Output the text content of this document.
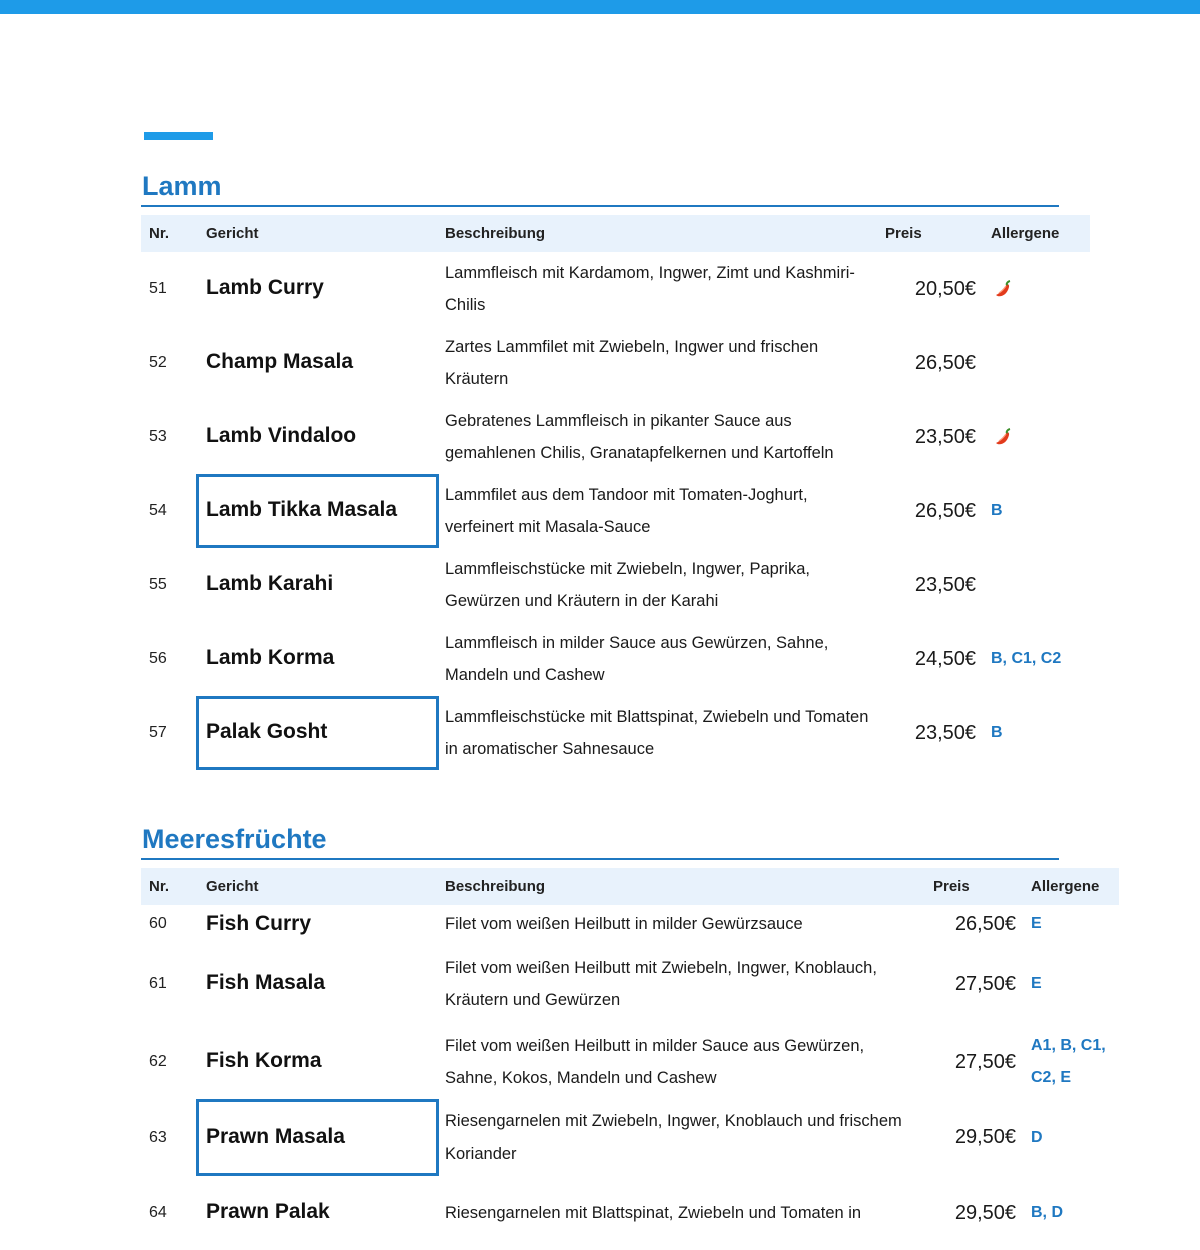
Lamm
Nr.	Gericht	Beschreibung	Preis	Allergene
51	Lamb Curry	Lammfleisch mit Kardamom, Ingwer, Zimt und Kashmiri-Chilis	20,50€	
52	Champ Masala	Zartes Lammfilet mit Zwiebeln, Ingwer und frischen Kräutern	26,50€	
53	Lamb Vindaloo	Gebratenes Lammfleisch in pikanter Sauce aus gemahlenen Chilis, Granatapfelkernen und Kartoffeln	23,50€	
54	Lamb Tikka Masala	Lammfilet aus dem Tandoor mit Tomaten-Joghurt, verfeinert mit Masala-Sauce	26,50€	B
55	Lamb Karahi	Lammfleischstücke mit Zwiebeln, Ingwer, Paprika, Gewürzen und Kräutern in der Karahi	23,50€	
56	Lamb Korma	Lammfleisch in milder Sauce aus Gewürzen, Sahne, Mandeln und Cashew	24,50€	B, C1, C2
57	Palak Gosht	Lammfleischstücke mit Blattspinat, Zwiebeln und Tomaten in aromatischer Sahnesauce	23,50€	B
Meeresfrüchte
Nr.	Gericht	Beschreibung	Preis	Allergene
60	Fish Curry	Filet vom weißen Heilbutt in milder Gewürzsauce	26,50€	E
61	Fish Masala	Filet vom weißen Heilbutt mit Zwiebeln, Ingwer, Knoblauch, Kräutern und Gewürzen	27,50€	E
62	Fish Korma	Filet vom weißen Heilbutt in milder Sauce aus Gewürzen, Sahne, Kokos, Mandeln und Cashew	27,50€	A1, B, C1, C2, E
63	Prawn Masala	Riesengarnelen mit Zwiebeln, Ingwer, Knoblauch und frischem Koriander	29,50€	D
64	Prawn Palak	Riesengarnelen mit Blattspinat, Zwiebeln und Tomaten in	29,50€	B, D
